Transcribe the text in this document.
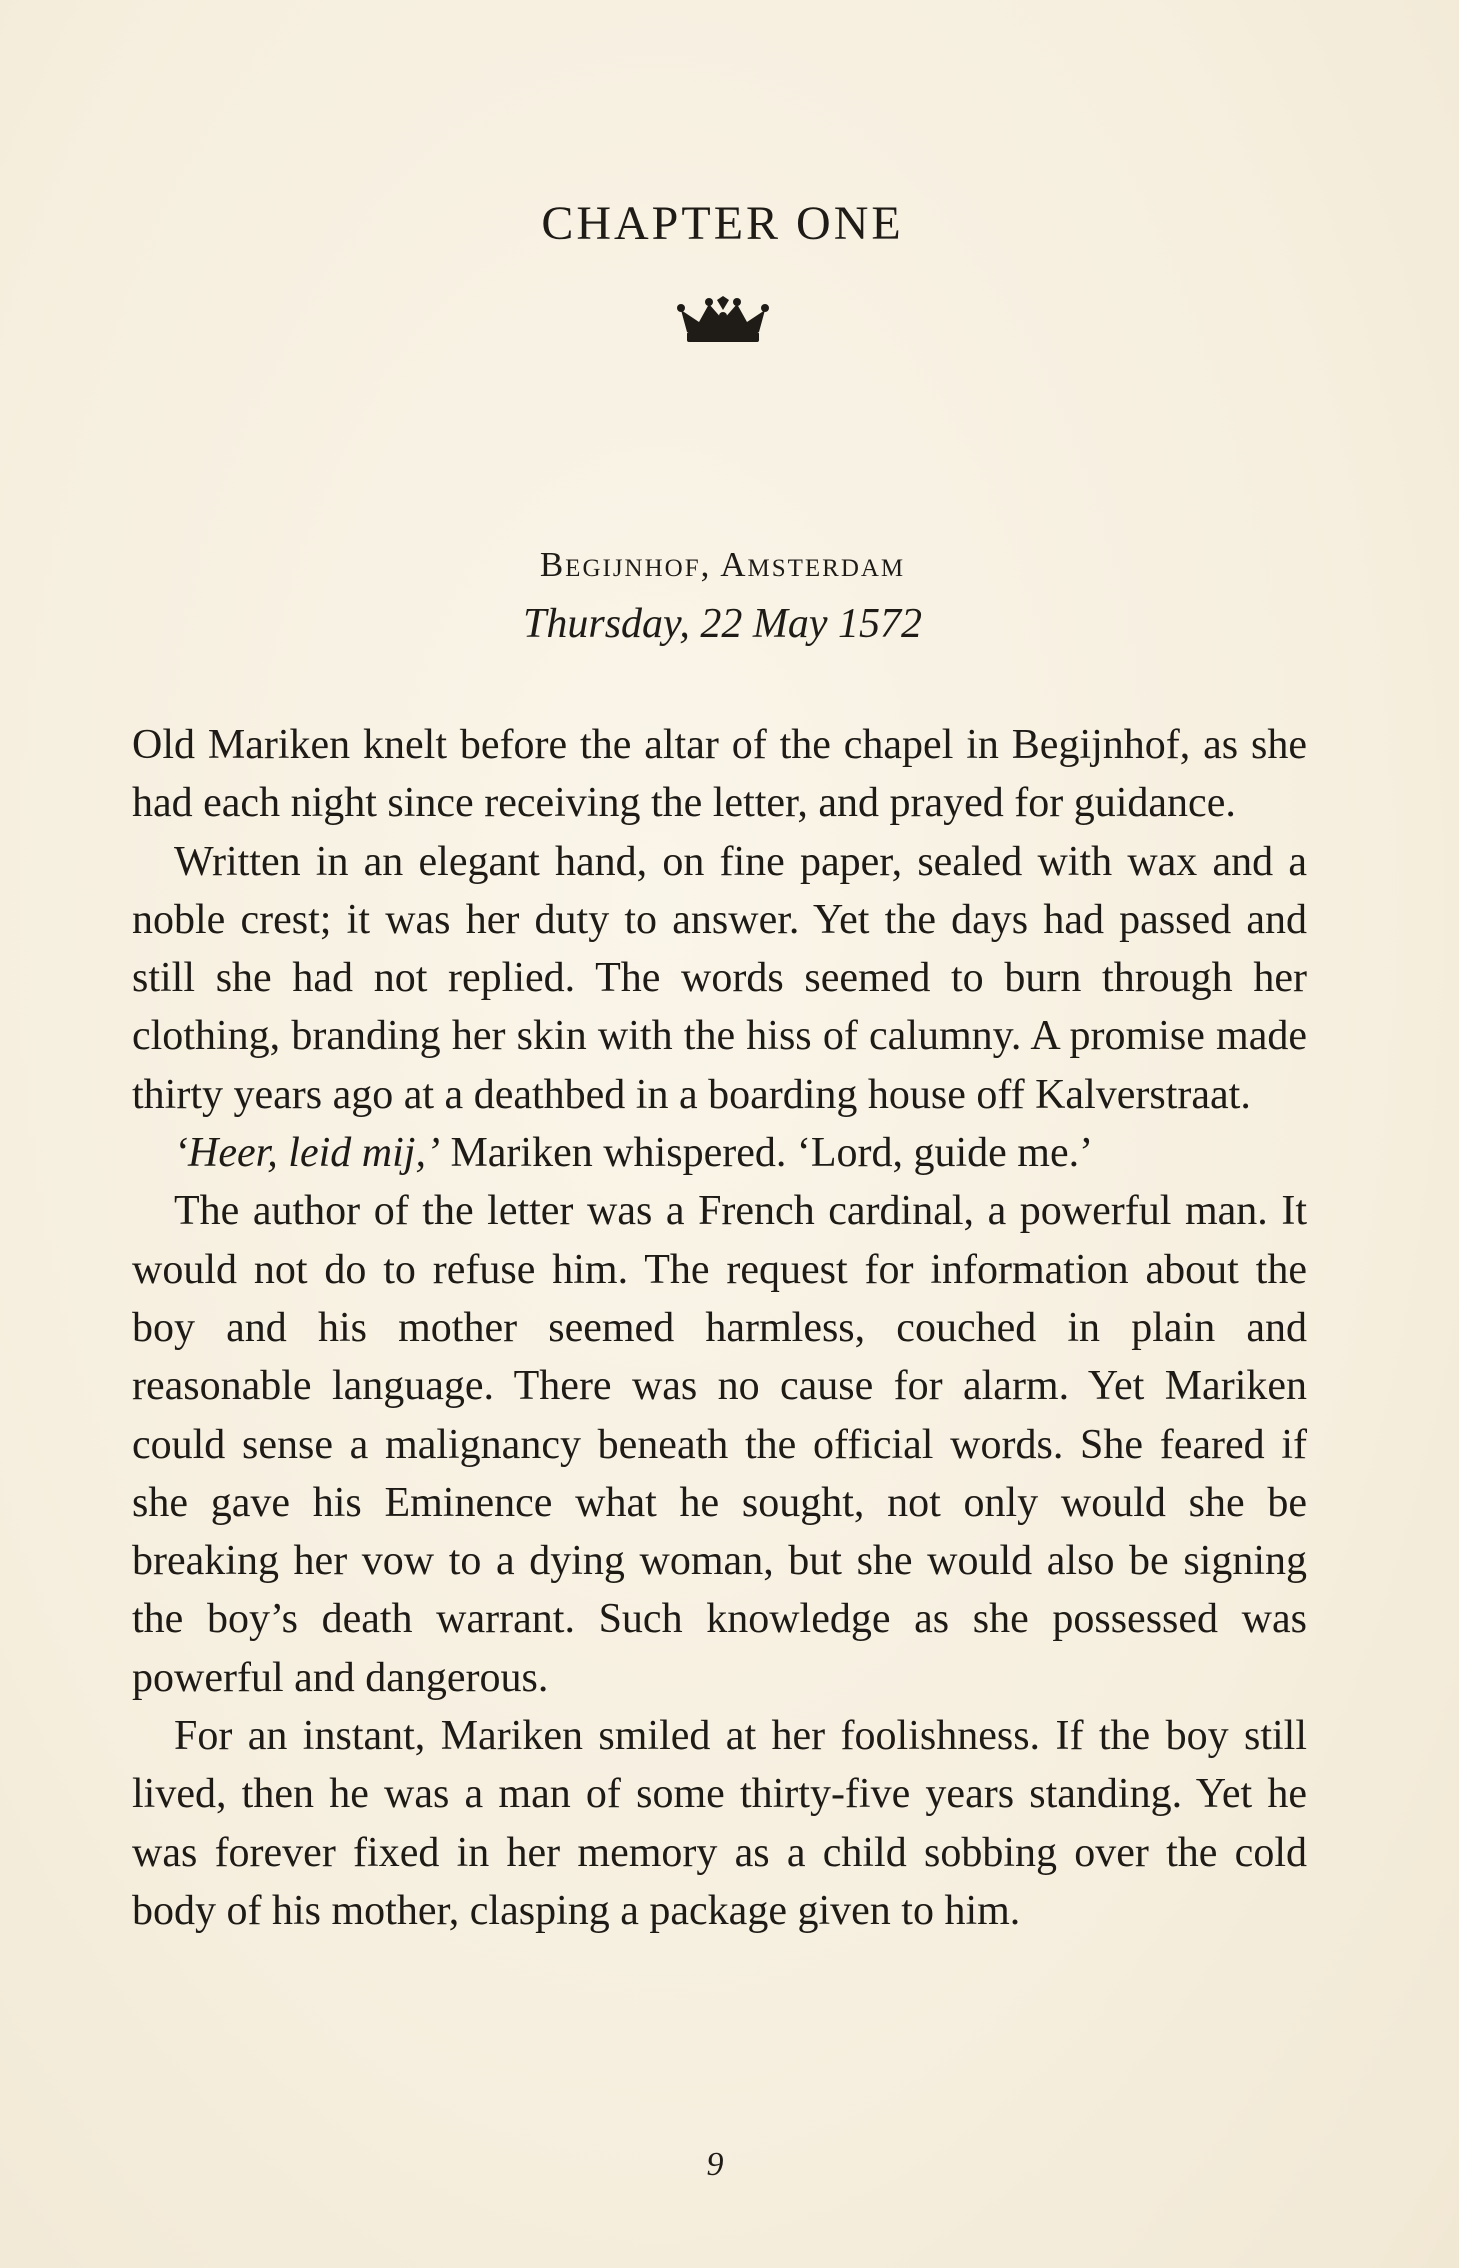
CHAPTER ONE
Begijnhof, Amsterdam
Thursday, 22 May 1572

Old Mariken knelt before the altar of the chapel in Begijnhof, as she had each night since receiving the letter, and prayed for guidance.

Written in an elegant hand, on fine paper, sealed with wax and a noble crest; it was her duty to answer. Yet the days had passed and still she had not replied. The words seemed to burn through her clothing, branding her skin with the hiss of calumny. A promise made thirty years ago at a deathbed in a boarding house off Kalverstraat.

‘Heer, leid mij,’ Mariken whispered. ‘Lord, guide me.’

The author of the letter was a French cardinal, a powerful man. It would not do to refuse him. The request for information about the boy and his mother seemed harmless, couched in plain and reasonable language. There was no cause for alarm. Yet Mariken could sense a malignancy beneath the official words. She feared if she gave his Eminence what he sought, not only would she be breaking her vow to a dying woman, but she would also be signing the boy’s death warrant. Such knowledge as she possessed was powerful and dangerous.

For an instant, Mariken smiled at her foolishness. If the boy still lived, then he was a man of some thirty-five years standing. Yet he was forever fixed in her memory as a child sobbing over the cold body of his mother, clasping a package given to him.

9
